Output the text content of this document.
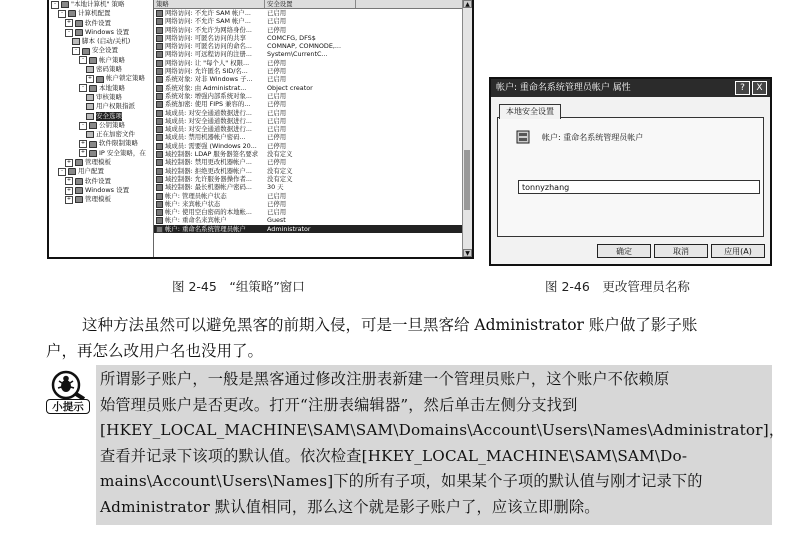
-	"本地计算机" 策略
-	计算机配置
+ 软件设置
-	Windows 设置
脚本 (启动/关机)
-	安全设置
-	帐户策略
密码策略
+ 帐户锁定策略
-	本地策略
审核策略
用户权限指派
安全选项
-	公钥策略
正在加密文件
+ 软件限制策略
+ IP 安全策略，在
+ 管理模板
-	用户配置
+ 软件设置
+ Windows 设置
+ 管理模板
策略	安全设置
网络访问: 不允许 SAM 帐户...	已启用
网络访问: 不允许 SAM 帐户...	已启用
网络访问: 不允许为网络身份...	已停用
网络访问: 可匿名访问的共享	COMCFG, DFS$
网络访问: 可匿名访问的命名...	COMNAP, COMNODE,...
网络访问: 可远程访问的注册...	System\CurrentC...
网络访问: 让 "每个人" 权限...	已停用
网络访问: 允许匿名 SID/名...	已停用
系统对象: 对非 Windows 子...	已启用
系统对象: 由 Administrat...	Object creator
系统对象: 增强内部系统对象...	已启用
系统加密: 使用 FIPS 兼容的...	已停用
域成员: 对安全通道数据进行...	已启用
域成员: 对安全通道数据进行...	已启用
域成员: 对安全通道数据进行...	已启用
域成员: 禁用机器帐户密码...	已停用
域成员: 需要强 (Windows 20...	已停用
域控制器: LDAP 服务器签名要求	没有定义
域控制器: 禁用更改机器帐户...	已停用
域控制器: 拒绝更改机器帐户...	没有定义
域控制器: 允许服务器操作者...	没有定义
域控制器: 最长机器帐户密码...	30 天
帐户: 管理员帐户状态	已启用
帐户: 来宾帐户状态	已停用
帐户: 使用空白密码的本地帐...	已启用
帐户: 重命名来宾帐户	Guest
帐户: 重命名系统管理员帐户	Administrator
▲
▼
帐户: 重命名系统管理员帐户 属性	?	X
本地安全设置
帐户: 重命名系统管理员帐户
tonnyzhang
确定	取消	应用(A)
图 2-45　“组策略”窗口	图 2-46　更改管理员名称
这种方法虽然可以避免黑客的前期入侵，可是一旦黑客给 Administrator 账户做了影子账
户，再怎么改用户名也没用了。
小提示
所谓影子账户，一般是黑客通过修改注册表新建一个管理员账户，这个账户不依赖原
始管理员账户是否更改。打开“注册表编辑器”，然后单击左侧分支找到
[HKEY_LOCAL_MACHINE\SAM\SAM\Domains\Account\Users\Names\Administrator]，
查看并记录下该项的默认值。依次检查[HKEY_LOCAL_MACHINE\SAM\SAM\Do-
mains\Account\Users\Names]下的所有子项，如果某个子项的默认值与刚才记录下的
Administrator 默认值相同，那么这个就是影子账户了，应该立即删除。
